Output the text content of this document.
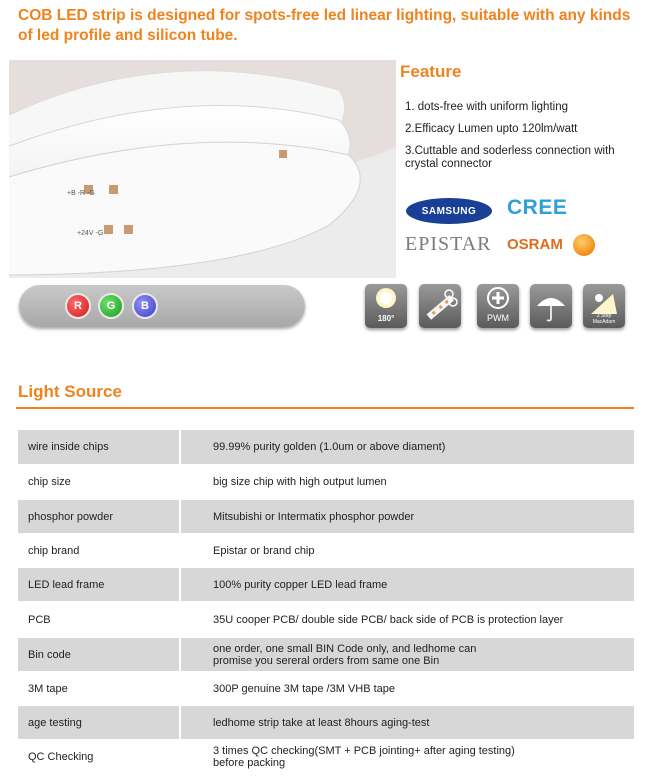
COB LED strip is designed for spots-free led linear lighting, suitable with any kinds of led profile and silicon tube.
+B -R -G
+24V -G
Feature
1. dots-free with uniform lighting
2.Efficacy Lumen upto 120lm/watt
3.Cuttable and soderless connection with crystal connector
SAMSUNG	CREE
EPISTAR OSRAM
R	G	B
180°	PWM	3 Step MacAdam
Light Source
wire inside chips	99.99% purity golden (1.0um or above diament)
chip size	big size chip with high output lumen
phosphor powder	Mitsubishi or Intermatix phosphor powder
chip brand	Epistar or brand chip
LED lead frame	100% purity copper LED lead frame
PCB	35U cooper PCB/ double side PCB/ back side of PCB is protection layer
Bin code	one order, one small BIN Code only, and ledhome can
promise you sereral orders from same one Bin
3M tape	300P genuine 3M tape /3M VHB tape
age testing	ledhome strip take at least 8hours aging-test
QC Checking	3 times QC checking(SMT + PCB jointing+ after aging testing)
before packing
